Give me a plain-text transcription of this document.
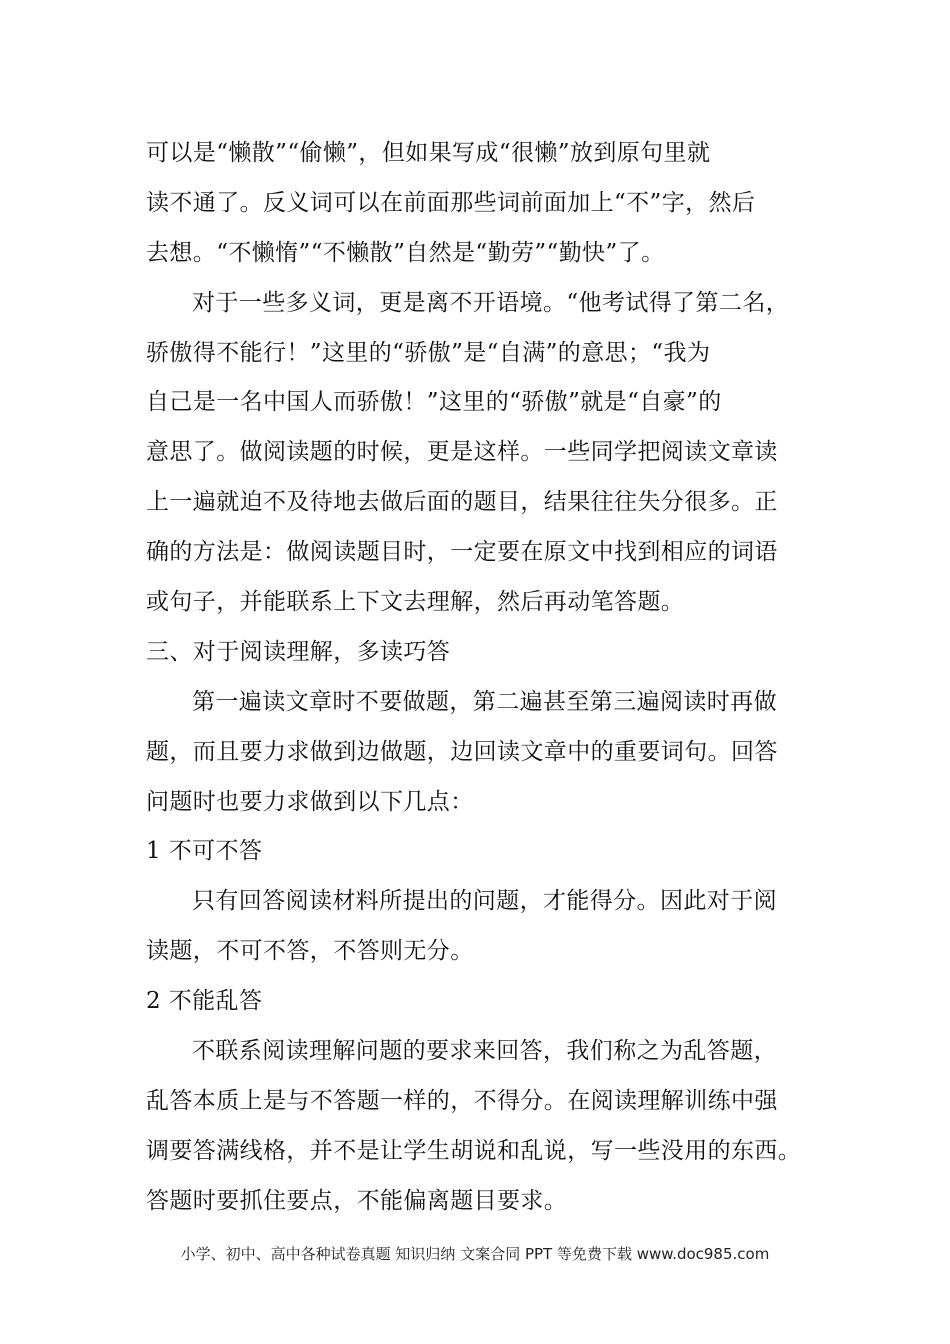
可以是“懒散”“偷懒”，但如果写成“很懒”放到原句里就
读不通了。反义词可以在前面那些词前面加上“不”字，然后
去想。“不懒惰”“不懒散”自然是“勤劳”“勤快”了。
对于一些多义词，更是离不开语境。“他考试得了第二名，
骄傲得不能行！”这里的“骄傲”是“自满”的意思；“我为
自己是一名中国人而骄傲！”这里的“骄傲”就是“自豪”的
意思了。做阅读题的时候，更是这样。一些同学把阅读文章读
上一遍就迫不及待地去做后面的题目，结果往往失分很多。正
确的方法是：做阅读题目时，一定要在原文中找到相应的词语
或句子，并能联系上下文去理解，然后再动笔答题。
三、对于阅读理解，多读巧答
第一遍读文章时不要做题，第二遍甚至第三遍阅读时再做
题，而且要力求做到边做题，边回读文章中的重要词句。回答
问题时也要力求做到以下几点：
1 不可不答
只有回答阅读材料所提出的问题，才能得分。因此对于阅
读题，不可不答，不答则无分。
2 不能乱答
不联系阅读理解问题的要求来回答，我们称之为乱答题，
乱答本质上是与不答题一样的，不得分。在阅读理解训练中强
调要答满线格，并不是让学生胡说和乱说，写一些没用的东西。
答题时要抓住要点，不能偏离题目要求。
小学、初中、高中各种试卷真题 知识归纳 文案合同 PPT 等免费下载 www.doc985.com
